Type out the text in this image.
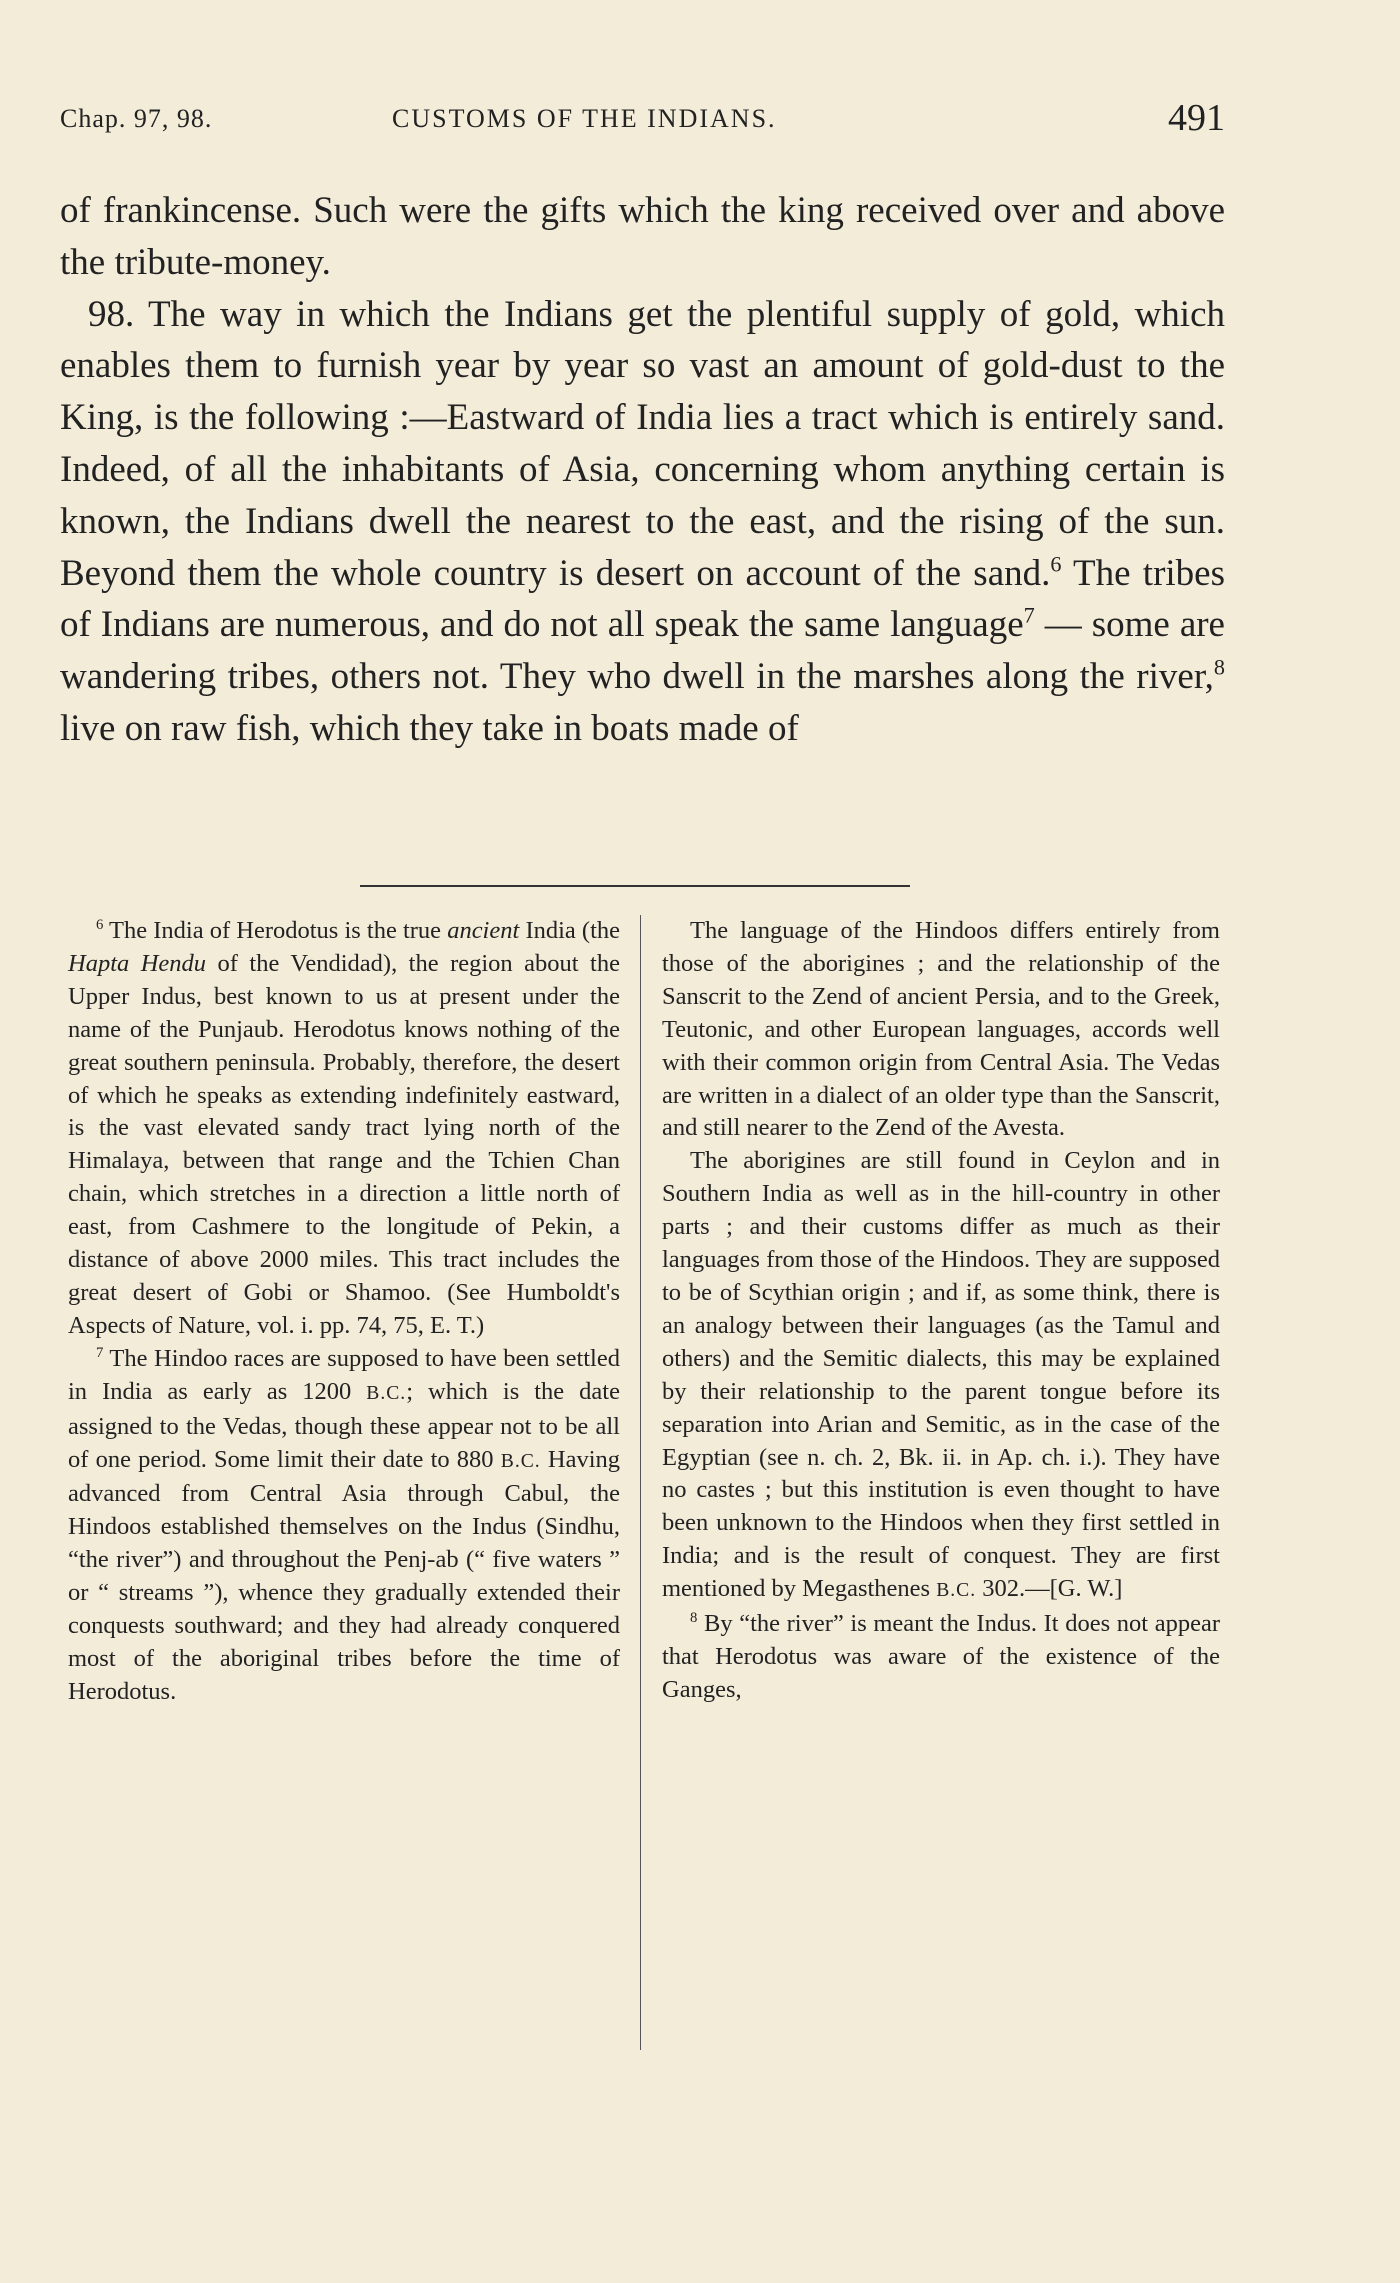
Chap. 97, 98.	CUSTOMS OF THE INDIANS.	491

of frankincense. Such were the gifts which the king received over and above the tribute-money.

98. The way in which the Indians get the plentiful supply of gold, which enables them to furnish year by year so vast an amount of gold-dust to the King, is the following :—Eastward of India lies a tract which is entirely sand. Indeed, of all the inhabitants of Asia, concerning whom anything certain is known, the Indians dwell the nearest to the east, and the rising of the sun. Beyond them the whole country is desert on account of the sand.$^6$ The tribes of Indians are numerous, and do not all speak the same language$^7$ — some are wandering tribes, others not. They who dwell in the marshes along the river,$^8$ live on raw fish, which they take in boats made of

$^6$ The India of Herodotus is the true ancient India (the Hapta Hendu of the Vendidad), the region about the Upper Indus, best known to us at present under the name of the Punjaub. Herodotus knows nothing of the great southern peninsula. Probably, therefore, the desert of which he speaks as extending indefinitely eastward, is the vast elevated sandy tract lying north of the Himalaya, between that range and the Tchien Chan chain, which stretches in a direction a little north of east, from Cashmere to the longitude of Pekin, a distance of above 2000 miles. This tract includes the great desert of Gobi or Shamoo. (See Humboldt's Aspects of Nature, vol. i. pp. 74, 75, E. T.)

$^7$ The Hindoo races are supposed to have been settled in India as early as 1200 B.C.; which is the date assigned to the Vedas, though these appear not to be all of one period. Some limit their date to 880 B.C. Having advanced from Central Asia through Cabul, the Hindoos established themselves on the Indus (Sindhu, “the river”) and throughout the Penj-ab (“ five waters ” or “ streams ”), whence they gradually extended their conquests southward; and they had already conquered most of the aboriginal tribes before the time of Herodotus.

The language of the Hindoos differs entirely from those of the aborigines ; and the relationship of the Sanscrit to the Zend of ancient Persia, and to the Greek, Teutonic, and other European languages, accords well with their common origin from Central Asia. The Vedas are written in a dialect of an older type than the Sanscrit, and still nearer to the Zend of the Avesta.

The aborigines are still found in Ceylon and in Southern India as well as in the hill-country in other parts ; and their customs differ as much as their languages from those of the Hindoos. They are supposed to be of Scythian origin ; and if, as some think, there is an analogy between their languages (as the Tamul and others) and the Semitic dialects, this may be explained by their relationship to the parent tongue before its separation into Arian and Semitic, as in the case of the Egyptian (see n. ch. 2, Bk. ii. in Ap. ch. i.). They have no castes ; but this institution is even thought to have been unknown to the Hindoos when they first settled in India; and is the result of conquest. They are first mentioned by Megasthenes B.C. 302.—[G. W.]

$^8$ By “the river” is meant the Indus. It does not appear that Herodotus was aware of the existence of the Ganges,
